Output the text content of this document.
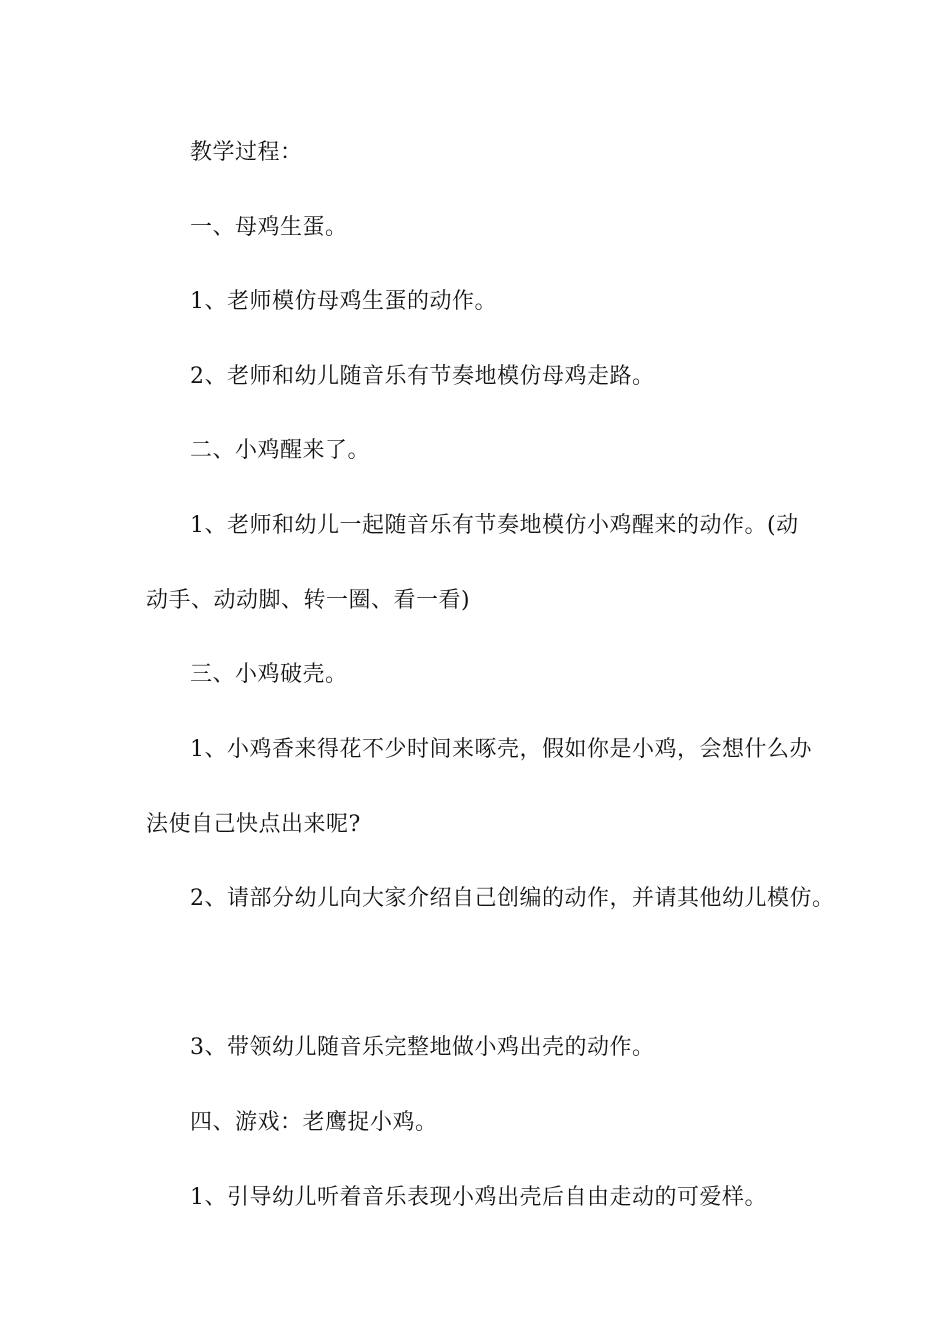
教学过程：
一、母鸡生蛋。
1、老师模仿母鸡生蛋的动作。
2、老师和幼儿随音乐有节奏地模仿母鸡走路。
二、小鸡醒来了。
1、老师和幼儿一起随音乐有节奏地模仿小鸡醒来的动作。(动
动手、动动脚、转一圈、看一看)
三、小鸡破壳。
1、小鸡香来得花不少时间来啄壳，假如你是小鸡，会想什么办
法使自己快点出来呢?
2、请部分幼儿向大家介绍自己创编的动作，并请其他幼儿模仿。
3、带领幼儿随音乐完整地做小鸡出壳的动作。
四、游戏：老鹰捉小鸡。
1、引导幼儿听着音乐表现小鸡出壳后自由走动的可爱样。
